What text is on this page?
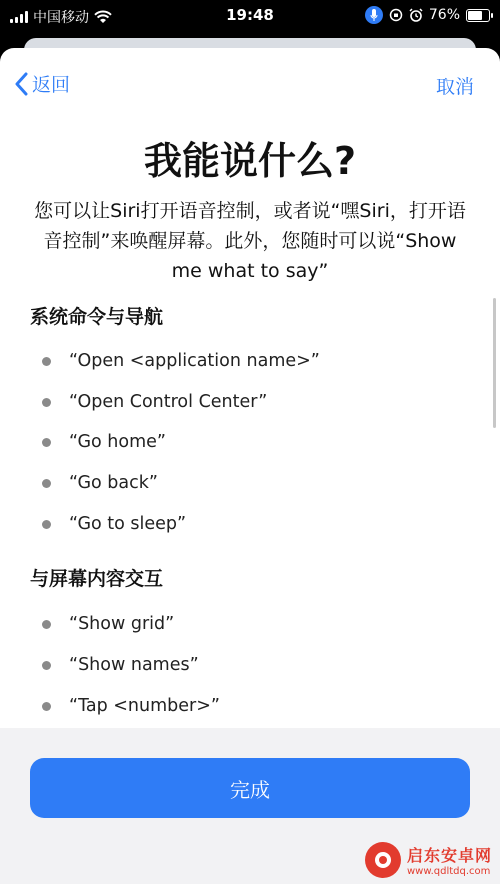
中国移动	19:48	76%
返回	取消
我能说什么?
您可以让Siri打开语音控制，或者说“嘿Siri，打开语音控制”来唤醒屏幕。此外，您随时可以说“Show me what to say”
系统命令与导航
“Open <application name>”
“Open Control Center”
“Go home”
“Go back”
“Go to sleep”
与屏幕内容交互
“Show grid”
“Show names”
“Tap <number>”
完成
启东安卓网
www.qdltdq.com
